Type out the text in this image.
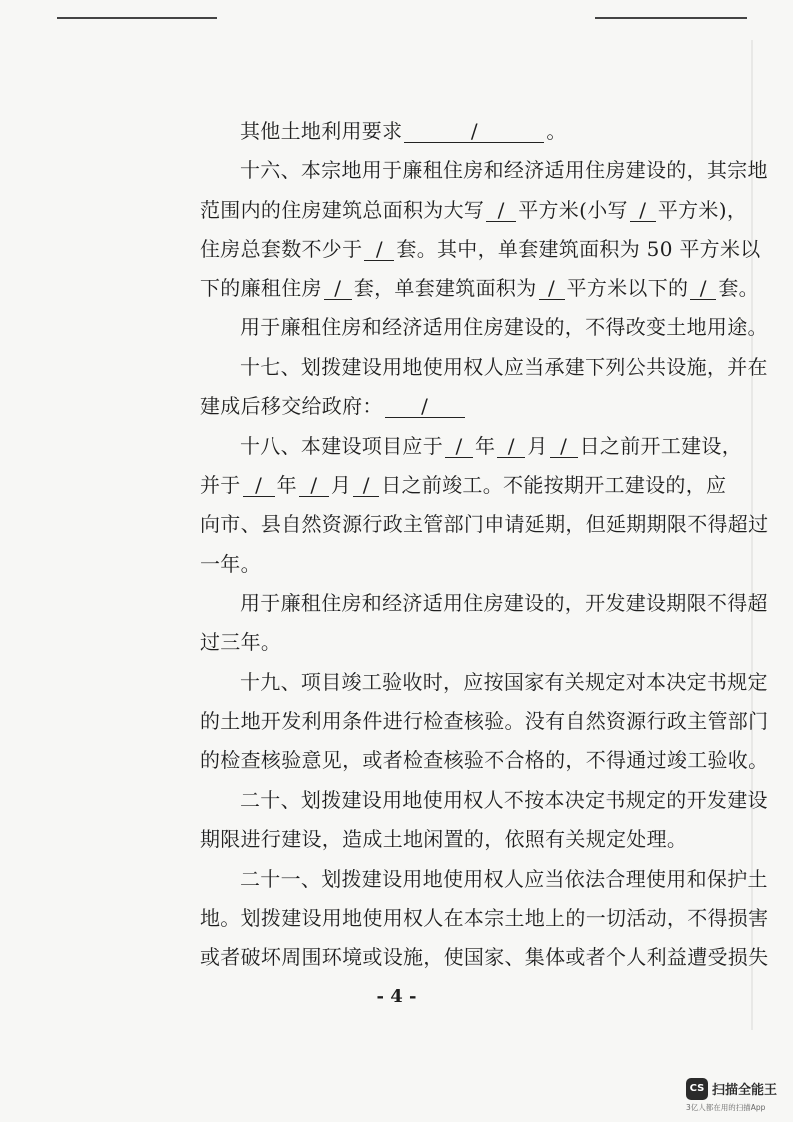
其他土地利用要求	/	。
十六、本宗地用于廉租住房和经济适用住房建设的，其宗地
范围内的住房建筑总面积为大写 / 平方米(小写 / 平方米)，
住房总套数不少于 / 套。其中，单套建筑面积为 50 平方米以
下的廉租住房 / 套，单套建筑面积为 / 平方米以下的 / 套。
用于廉租住房和经济适用住房建设的，不得改变土地用途。
十七、划拨建设用地使用权人应当承建下列公共设施，并在
建成后移交给政府： /
十八、本建设项目应于 / 年 / 月 / 日之前开工建设，
并于 / 年 / 月 / 日之前竣工。不能按期开工建设的，应
向市、县自然资源行政主管部门申请延期，但延期期限不得超过
一年。
用于廉租住房和经济适用住房建设的，开发建设期限不得超
过三年。
十九、项目竣工验收时，应按国家有关规定对本决定书规定
的土地开发利用条件进行检查核验。没有自然资源行政主管部门
的检查核验意见，或者检查核验不合格的，不得通过竣工验收。
二十、划拨建设用地使用权人不按本决定书规定的开发建设
期限进行建设，造成土地闲置的，依照有关规定处理。
二十一、划拨建设用地使用权人应当依法合理使用和保护土
地。划拨建设用地使用权人在本宗土地上的一切活动，不得损害
或者破坏周围环境或设施，使国家、集体或者个人利益遭受损失
- 4 -
CS 扫描全能王
3亿人都在用的扫描App
